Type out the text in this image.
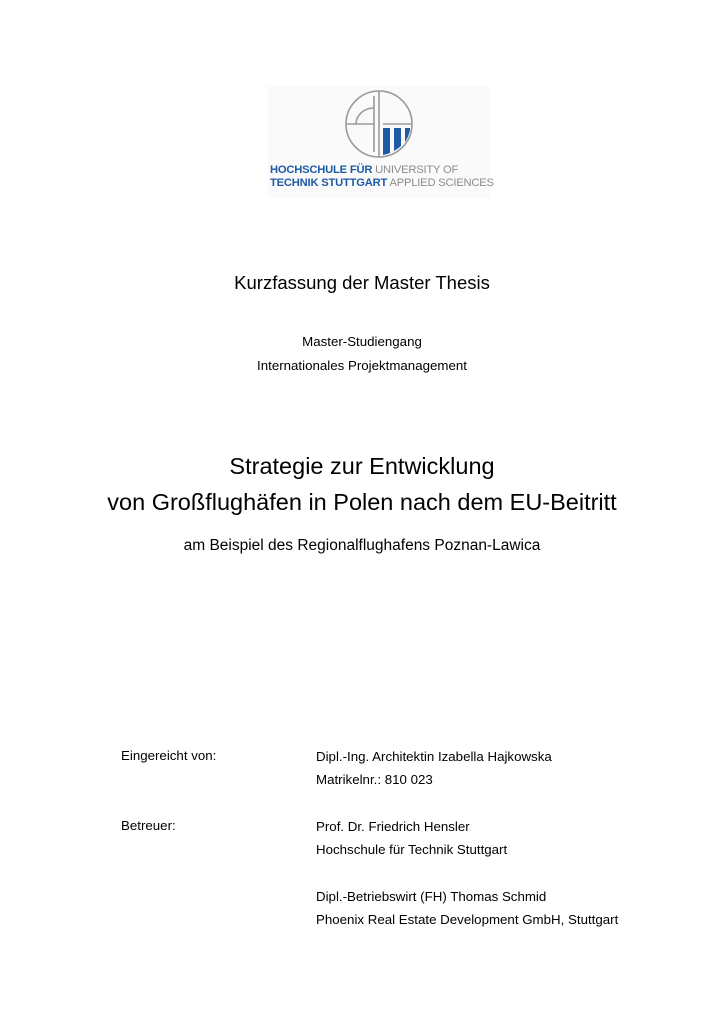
HOCHSCHULE FÜR UNIVERSITY OF
TECHNIK STUTTGART APPLIED SCIENCES
Kurzfassung der Master Thesis
Master-Studiengang
Internationales Projektmanagement
Strategie zur Entwicklung
von Großflughäfen in Polen nach dem EU-Beitritt
am Beispiel des Regionalflughafens Poznan-Lawica
Eingereicht von:	Dipl.-Ing. Architektin Izabella Hajkowska
Matrikelnr.: 810 023
Betreuer:	Prof. Dr. Friedrich Hensler
Hochschule für Technik Stuttgart
Dipl.-Betriebswirt (FH) Thomas Schmid
Phoenix Real Estate Development GmbH, Stuttgart
